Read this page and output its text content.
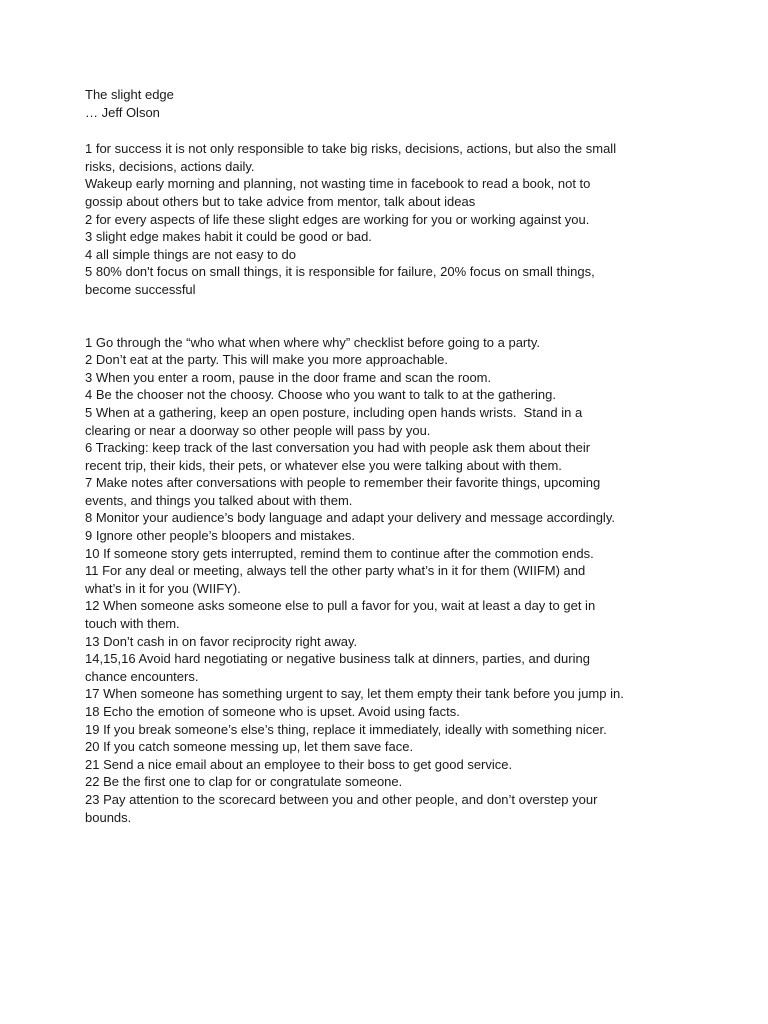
The slight edge

… Jeff Olson

1 for success it is not only responsible to take big risks, decisions, actions, but also the small risks, decisions, actions daily.

Wakeup early morning and planning, not wasting time in facebook to read a book, not to gossip about others but to take advice from mentor, talk about ideas

2 for every aspects of life these slight edges are working for you or working against you.

3 slight edge makes habit it could be good or bad.

4 all simple things are not easy to do

5 80% don't focus on small things, it is responsible for failure, 20% focus on small things, become successful

1 Go through the “who what when where why” checklist before going to a party.

2 Don’t eat at the party. This will make you more approachable.

3 When you enter a room, pause in the door frame and scan the room.

4 Be the chooser not the choosy. Choose who you want to talk to at the gathering.

5 When at a gathering, keep an open posture, including open hands wrists.  Stand in a clearing or near a doorway so other people will pass by you.

6 Tracking: keep track of the last conversation you had with people ask them about their recent trip, their kids, their pets, or whatever else you were talking about with them.

7 Make notes after conversations with people to remember their favorite things, upcoming events, and things you talked about with them.

8 Monitor your audience’s body language and adapt your delivery and message accordingly.

9 Ignore other people’s bloopers and mistakes.

10 If someone story gets interrupted, remind them to continue after the commotion ends.

11 For any deal or meeting, always tell the other party what’s in it for them (WIIFM) and what’s in it for you (WIIFY).

12 When someone asks someone else to pull a favor for you, wait at least a day to get in touch with them.

13 Don’t cash in on favor reciprocity right away.

14,15,16 Avoid hard negotiating or negative business talk at dinners, parties, and during chance encounters.

17 When someone has something urgent to say, let them empty their tank before you jump in.

18 Echo the emotion of someone who is upset. Avoid using facts.

19 If you break someone’s else’s thing, replace it immediately, ideally with something nicer.

20 If you catch someone messing up, let them save face.

21 Send a nice email about an employee to their boss to get good service.

22 Be the first one to clap for or congratulate someone.

23 Pay attention to the scorecard between you and other people, and don’t overstep your bounds.
